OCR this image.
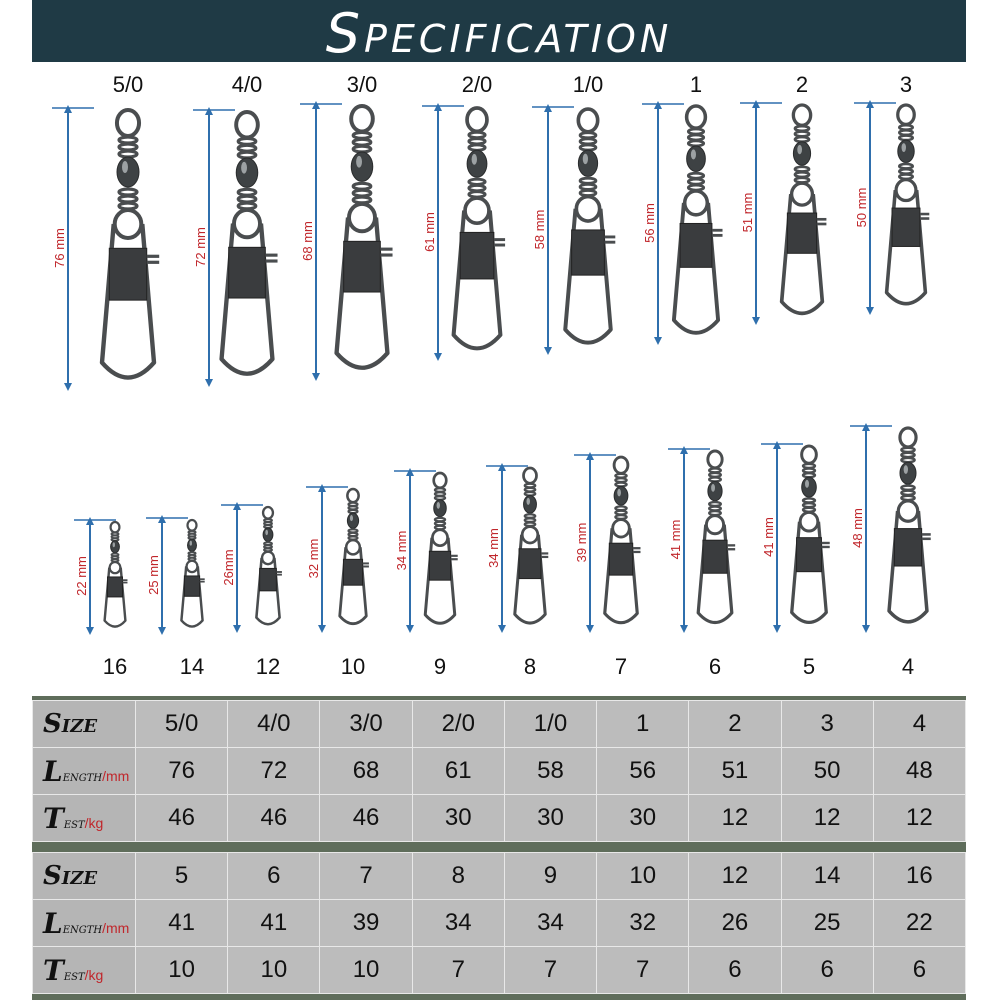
Specification
76 mm
5/0
72 mm
4/0
68 mm
3/0
61 mm
2/0
58 mm
1/0
56 mm
1
51 mm
2
50 mm
3
22 mm
16
25 mm
14
26mm
12
32 mm
10
34 mm
9
34 mm
8
39 mm
7
41 mm
6
41 mm
5
48 mm
4
Size	5/0	4/0	3/0	2/0	1/0	1	2	3	4
LENGTH/mm	76	72	68	61	58	56	51	50	48
TEST/kg	46	46	46	30	30	30	12	12	12
Size	5	6	7	8	9	10	12	14	16
LENGTH/mm	41	41	39	34	34	32	26	25	22
TEST/kg	10	10	10	7	7	7	6	6	6
